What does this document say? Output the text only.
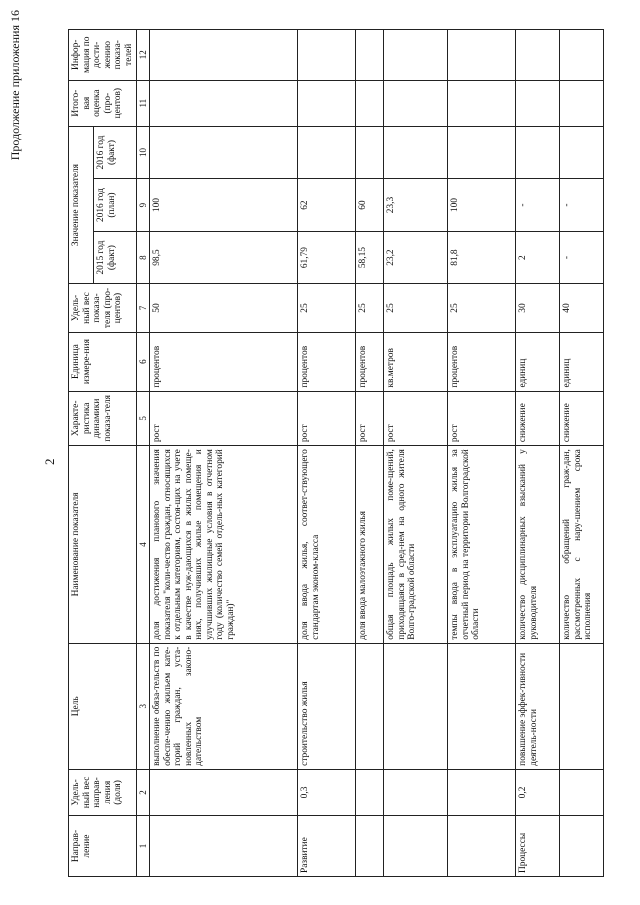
2
Продолжение приложения 16
Направ-ление	Удель-ный вес направ-ления (доля)	Цель	Наименование показателя	Характе-ристика динамики показа-теля	Единица измере-ния	Удель-ный вес показа-теля (про-центов)	Значение показателя			Итого-вая оценка (про-центов)	Инфор-мация по дости-жению показа-телей
							2015 год (факт)	2016 год (план)	2016 год (факт)		
1	2	3	4	5	6	7	8	9	10	11	12
		выполнение обяза-тельств по обеспе-чению жильем кате-горий граждан, уста-новленных законо-дательством	доля достижения планового значения показателя "коли-чество граждан, относящихся к отдельным категориям, состоя-щих на учете в качестве нуж-дающихся в жилых помеще-ниях, получивших жилые помещения и улучшивших жилищные условия в отчетном году (количество семей отдель-ных категорий граждан)"	рост	процентов	50	98,5	100			
Развитие	0,3	строительство жилья	доля ввода жилья, соответ-ствующего стандартам эконом-класса	рост	процентов	25	61,79	62			
			доля ввода малоэтажного жилья	рост	процентов	25	58,15	60			
			общая площадь жилых поме-щений, приходящаяся в сред-нем на одного жителя Волго-градской области	рост	кв.метров	25	23,2	23,3			
			темпы ввода в эксплуатацию жилья за отчетный период на территории Волгоградской области	рост	процентов	25	81,8	100			
Процессы	0,2	повышение эффек-тивности деятель-ности	количество дисциплинарных взысканий у руководителя	снижение	единиц	30	2	-			
			количество обращений граж-дан, рассмотренных с нару-шением срока исполнения	снижение	единиц	40	-	-			
